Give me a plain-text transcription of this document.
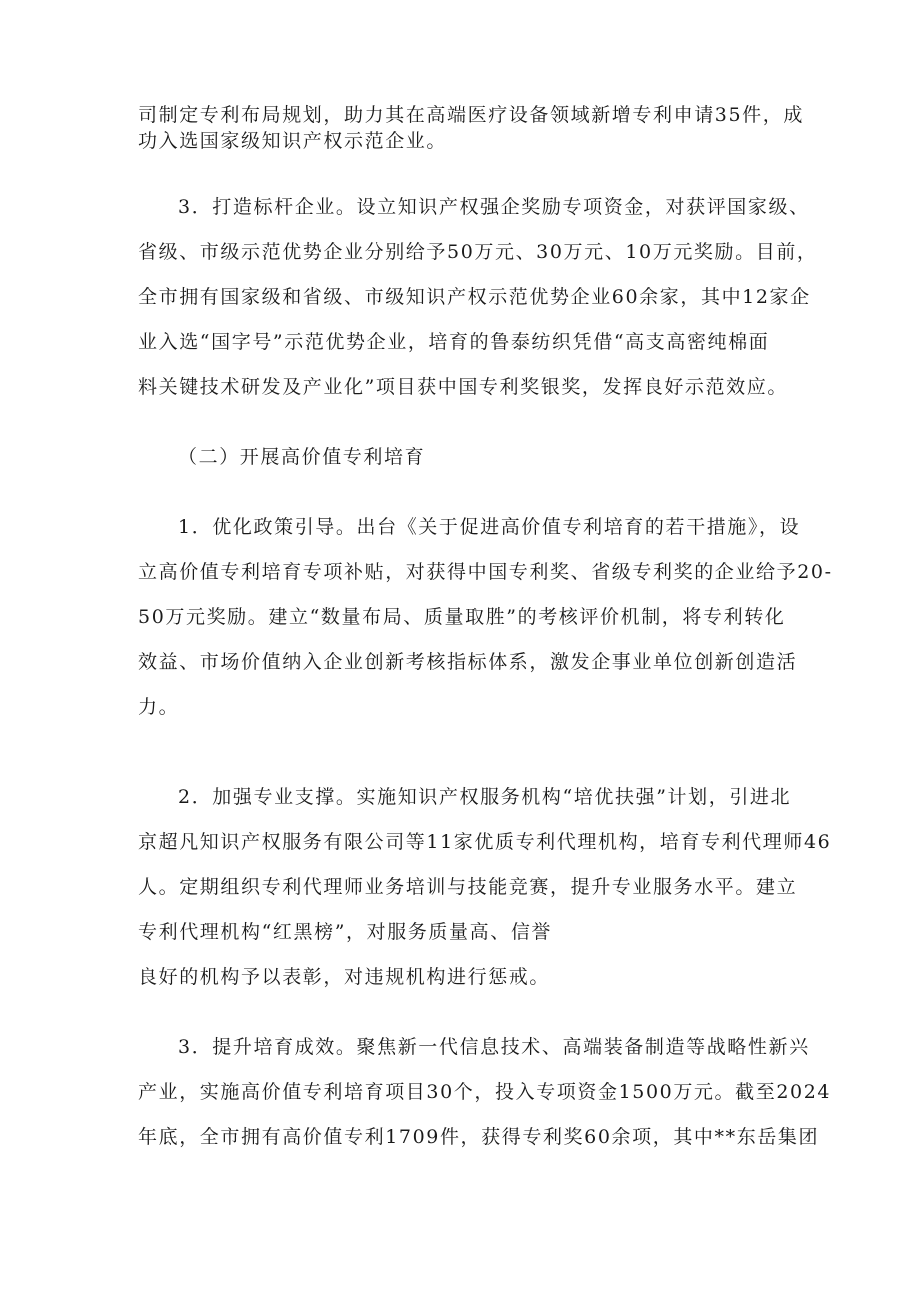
司制定专利布局规划，助力其在高端医疗设备领域新增专利申请35件，成
功入选国家级知识产权示范企业。
3．打造标杆企业。设立知识产权强企奖励专项资金，对获评国家级、
省级、市级示范优势企业分别给予50万元、30万元、10万元奖励。目前，
全市拥有国家级和省级、市级知识产权示范优势企业60余家，其中12家企
业入选“国字号”示范优势企业，培育的鲁泰纺织凭借“高支高密纯棉面
料关键技术研发及产业化”项目获中国专利奖银奖，发挥良好示范效应。
（二）开展高价值专利培育
1．优化政策引导。出台《关于促进高价值专利培育的若干措施》，设
立高价值专利培育专项补贴，对获得中国专利奖、省级专利奖的企业给予20-
50万元奖励。建立“数量布局、质量取胜”的考核评价机制，将专利转化
效益、市场价值纳入企业创新考核指标体系，激发企事业单位创新创造活
力。
2．加强专业支撑。实施知识产权服务机构“培优扶强”计划，引进北
京超凡知识产权服务有限公司等11家优质专利代理机构，培育专利代理师46
人。定期组织专利代理师业务培训与技能竞赛，提升专业服务水平。建立
专利代理机构“红黑榜”，对服务质量高、信誉
良好的机构予以表彰，对违规机构进行惩戒。
3．提升培育成效。聚焦新一代信息技术、高端装备制造等战略性新兴
产业，实施高价值专利培育项目30个，投入专项资金1500万元。截至2024
年底，全市拥有高价值专利1709件，获得专利奖60余项，其中**东岳集团
